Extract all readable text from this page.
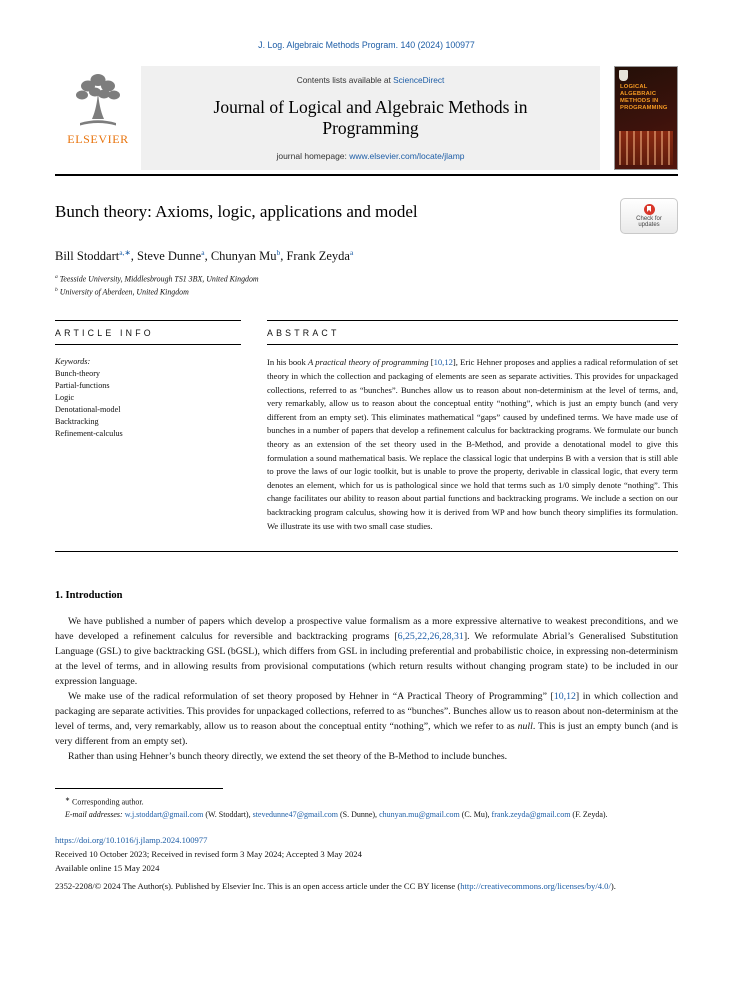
J. Log. Algebraic Methods Program. 140 (2024) 100977
ELSEVIER
Contents lists available at ScienceDirect
Journal of Logical and Algebraic Methods in Programming
journal homepage: www.elsevier.com/locate/jlamp
LOGICAL ALGEBRAIC METHODS IN PROGRAMMING
Bunch theory: Axioms, logic, applications and model	Check for
updates
Bill Stoddart$^{a,∗}$, Steve Dunne$^a$, Chunyan Mu$^b$, Frank Zeyda$^a$
$^a$ Teesside University, Middlesbrough TS1 3BX, United Kingdom
$^b$ University of Aberdeen, United Kingdom
ARTICLE INFO
Keywords:
Bunch-theory
Partial-functions
Logic
Denotational-model
Backtracking
Refinement-calculus
ABSTRACT
In his book A practical theory of programming [10,12], Eric Hehner proposes and applies a radical reformulation of set theory in which the collection and packaging of elements are seen as separate activities. This provides for unpackaged collections, referred to as “bunches”. Bunches allow us to reason about non-determinism at the level of terms, and, very remarkably, allow us to reason about the conceptual entity “nothing”, which is just an empty bunch (and very different from an empty set). This eliminates mathematical “gaps” caused by undefined terms. We have made use of bunches in a number of papers that develop a refinement calculus for backtracking programs. We formulate our bunch theory as an extension of the set theory used in the B-Method, and provide a denotational model to give this formulation a sound mathematical basis. We replace the classical logic that underpins B with a version that is still able to prove the laws of our logic toolkit, but is unable to prove the property, derivable in classical logic, that every term denotes an element, which for us is pathological since we hold that terms such as 1/0 simply denote “nothing”. This change facilitates our ability to reason about partial functions and backtracking programs. We include a section on our backtracking program calculus, showing how it is derived from WP and how bunch theory simplifies its formulation. We illustrate its use with two small case studies.
1. Introduction

We have published a number of papers which develop a prospective value formalism as a more expressive alternative to weakest preconditions, and we have developed a refinement calculus for reversible and backtracking programs [6,25,22,26,28,31]. We reformulate Abrial’s Generalised Substitution Language (GSL) to give backtracking GSL (bGSL), which differs from GSL in including preferential and probabilistic choice, in expressing non-determinism at the level of terms, and in allowing results from provisional computations (which return results without changing program state) to be included in our expression language.

We make use of the radical reformulation of set theory proposed by Hehner in “A Practical Theory of Programming” [10,12] in which collection and packaging are separate activities. This provides for unpackaged collections, referred to as “bunches”. Bunches allow us to reason about non-determinism at the level of terms, and, very remarkably, allow us to reason about the conceptual entity “nothing”, which we refer to as null. This is just an empty bunch (and is very different from an empty set).

Rather than using Hehner’s bunch theory directly, we extend the set theory of the B-Method to include bunches.

∗ Corresponding author.
E-mail addresses: w.j.stoddart@gmail.com (W. Stoddart), stevedunne47@gmail.com (S. Dunne), chunyan.mu@gmail.com (C. Mu), frank.zeyda@gmail.com (F. Zeyda).
https://doi.org/10.1016/j.jlamp.2024.100977
Received 10 October 2023; Received in revised form 3 May 2024; Accepted 3 May 2024
Available online 15 May 2024
2352-2208/© 2024 The Author(s). Published by Elsevier Inc. This is an open access article under the CC BY license (http://creativecommons.org/licenses/by/4.0/).
